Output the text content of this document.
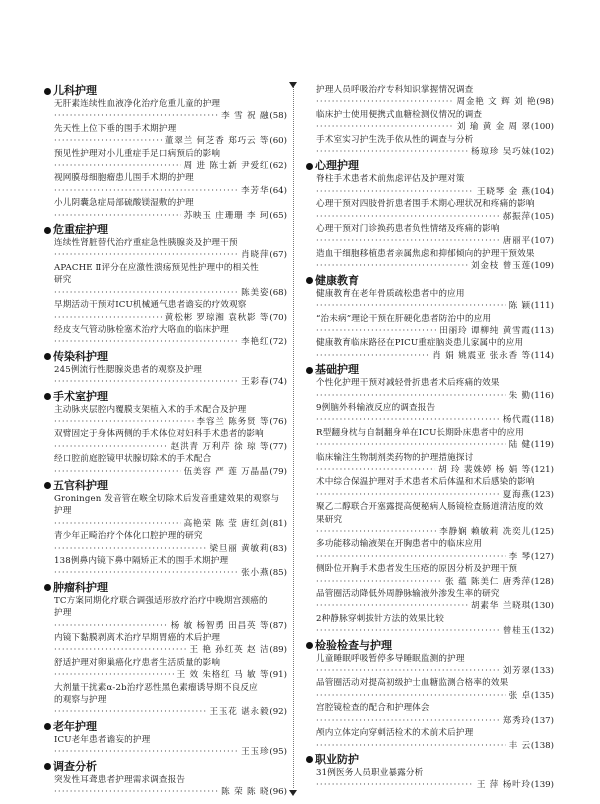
儿科护理
无肝素连续性血液净化治疗危重儿童的护理
·····
李 雪 祝 融 (58)
先天性上位下垂的围手术期护理
·····
董翠兰 何芝香 郑巧云 等 (60)
预见性护理对小儿重症手足口病预后的影响
·····
周 进 陈士新 尹爱红 (62)
视网膜母细胞瘤患儿围手术期的护理
·····
李芳华 (64)
小儿阴囊急症局部硫酸镁湿敷的护理
·····
苏映玉 庄珊珊 李 珂 (65)
危重症护理
连续性肾脏替代治疗重症急性胰腺炎及护理干预
·····
肖晓萍 (67)
APACHE Ⅱ评分在应激性溃疡预见性护理中的相关性
研究
·····
陈美姿 (68)
早期活动干预对ICU机械通气患者谵妄的疗效观察
·····
黄松彬 罗琼湘 袁秋影 等 (70)
经皮支气管动脉栓塞术治疗大咯血的临床护理
·····
李艳红 (72)
传染科护理
245例流行性腮腺炎患者的观察及护理
·····
王彩春 (74)
手术室护理
主动脉夹层腔内覆膜支架植入术的手术配合及护理
·····
李容兰 陈务贤 等 (76)
双臂固定于身体两侧的手术体位对妇科手术患者的影响
·····
赵洪青 万利芹 徐 琼 等 (77)
经口腔前庭腔镜甲状腺切除术的手术配合
·····
伍美容 严 莲 万晶晶 (79)
五官科护理
Groningen 发音管在喉全切除术后发音重建效果的观察与
护理
·····
高艳荣 陈 莹 唐红剑 (81)
青少年正畸治疗个体化口腔护理的研究
·····
梁旦丽 黄敏莉 (83)
138例鼻内镜下鼻中隔矫正术的围手术期护理
·····
张小燕 (85)
肿瘤科护理
TC方案同期化疗联合调强适形放疗治疗中晚期宫颈癌的
护理
·····
杨 敏 杨智勇 田昌英 等 (87)
内镜下黏膜剥离术治疗早期胃癌的术后护理
·····
王 艳 孙红英 赵 洁 (89)
舒适护理对卵巢癌化疗患者生活质量的影响
·····
王 效 朱格红 马 敏 等 (91)
大剂量干扰素α-2b治疗恶性黑色素瘤诱导期不良反应
的观察与护理
·····
王玉花 谌永毅 (92)
老年护理
ICU老年患者谵妄的护理
·····
王玉珍 (95)
调查分析
突发性耳聋患者护理需求调查报告
·····
陈 荣 陈 晓 (96)
护理人员呼吸治疗专科知识掌握情况调查
·····
周金艳 文 辉 刘 艳 (98)
临床护士使用便携式血糖检测仪情况的调查
·····
刘 瑜 黄 金 周 翠 (100)
手术室实习护生洗手依从性的调查与分析
·····
杨琼珍 吴巧妹 (102)
心理护理
脊柱手术患者术前焦虑评估及护理对策
·····
王晓琴 金 燕 (104)
心理干预对四肢骨折患者围手术期心理状况和疼痛的影响
·····
郝振萍 (105)
心理干预对门诊换药患者负性情绪及疼痛的影响
·····
唐丽平 (107)
造血干细胞移植患者亲属焦虑和抑郁倾向的护理干预效果
·····
刘金枝 曾玉莲 (109)
健康教育
健康教育在老年骨质疏松患者中的应用
·····
陈 颖 (111)
“治未病”理论干预在肝硬化患者防治中的应用
·····
田丽玲 谭柳纯 黄雪霞 (113)
健康教育临床路径在PICU重症脑炎患儿家属中的应用
·····
肖 娟 姚震亚 张永香 等 (114)
基础护理
个性化护理干预对减轻骨折患者术后疼痛的效果
·····
朱 勤 (116)
9例脑外科输液反应的调查报告
·····
杨代霞 (118)
R型翻身枕与自制翻身单在ICU长期卧床患者中的应用
·····
陆 健 (119)
临床输注生物制剂类药物的护理措施探讨
·····
胡 玲 裴姝婷 杨 娟 等 (121)
术中综合保温护理对手术患者术后体温和术后感染的影响
·····
夏海燕 (123)
聚乙二醇联合开塞露提高便秘病人肠镜检查肠道清洁度的效
果研究
·····
李静娴 赖敏莉 冼奕儿 (125)
多功能移动输液架在开胸患者中的临床应用
·····
李 琴 (127)
侧卧位开胸手术患者发生压疮的原因分析及护理干预
·····
张 蕴 陈美仁 唐秀萍 (128)
品管圈活动降低外周静脉输液外渗发生率的研究
·····
胡素华 兰晓琪 (130)
2种静脉穿刺拔针方法的效果比较
·····
曾桂玉 (132)
检验检查与护理
儿童睡眠呼吸暂停多导睡眠监测的护理
·····
刘芳翠 (133)
品管圈活动对提高初级护士血糖监测合格率的效果
·····
张 卓 (135)
宫腔镜检查的配合和护理体会
·····
郑秀玲 (137)
颅内立体定向穿刺活检术的术前术后护理
·····
丰 云 (138)
职业防护
31例医务人员职业暴露分析
·····
王 萍 杨叶玲 (139)
